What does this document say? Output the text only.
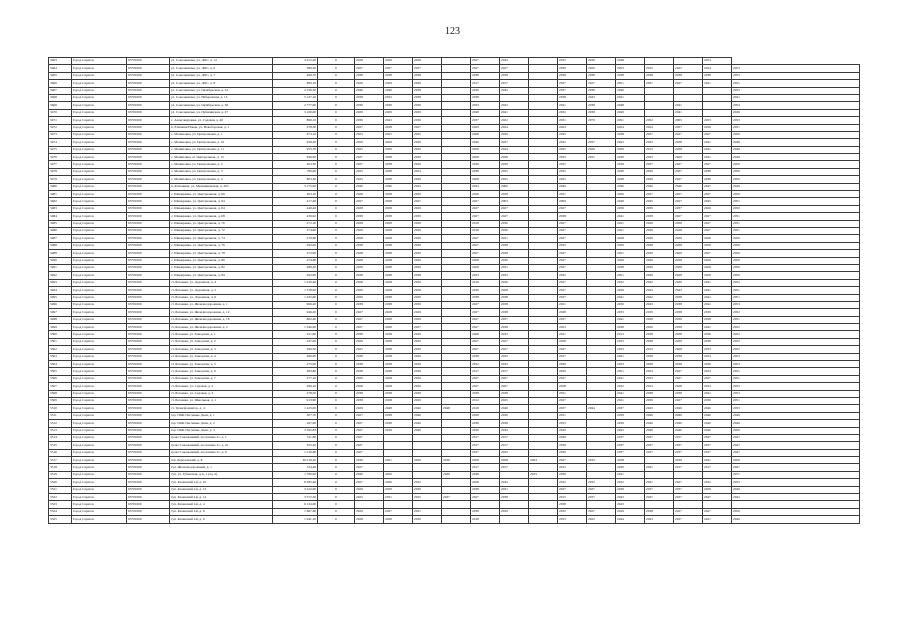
123
3463	Город Саратов	63701000	ул. Сокольничья, ул. ДОС, д. 12	3 472,20	0	2028	2029	2028		2027	2043		2035	2036	2048			2053	
3464	Город Саратов	63701000	ул. Сокольничья, ул. ДОС, д. 6	380,20	0	2027	2027	2027		2027	2027		2039	2020	2053	2025	2025	2024	2053
3465	Город Саратов	63701000	ул. Сокольничья, ул. ДОС, д. 7	496,70	0	2038	2038	2038		2038	2038		2038	2038	2038	2038	2038	2038	2053
3466	Город Саратов	63701000	ул. Сокольничья, ул. ДОС, д. 8	899,10	0	2029	2029	2029		2017	2017		2027	2027	2051	2027	2027	2021	2051
3467	Город Саратов	63701000	ул. Сокольничья, ул. Октябрьская, д. 34	2 356,50	0	2046	2049	2038		2039	2043		2037	2038	2049				2053
3468	Город Саратов	63701000	ул. Сокольничья, ул. Набережная, д. 15	5 127,10	0	2038	2032	2038		2038			2038	2043	2041				2041
3469	Город Саратов	63701000	ул. Сокольничья, ул. Октябрьская, д. 36	2 777,00	0	2036	2030	2036		2033	2043		2041	2038	2048		2041		2054
3470	Город Саратов	63701000	ул. Сокольничья, ул. Пушкинская, д. 27	3 100,00	0	2029	2029	2029		2048	2041		2032	2038	2049		2041		2049
3471	Город Саратов	63701000	с. Александровка, ул. Садовая, д. 40	890,10	0	2036	2043	2036		2037	2022		2031	2079	2051	2052	2005	2033	2053
3472	Город Саратов	63701000	п. Елшанка/Новая, ул. Новоборская, д. 1	278,30	0	2027	2038	2027		2029	2024		2024		2024	2024	2027	2036	2051
3473	Город Саратов	63701000	с. Малиновка, ул. Центральная, д. 1	673,10	0	2025	2025	2025		2028	2039		2045		2038	2027	2027	2027	2050
3474	Город Саратов	63701000	с. Малиновка, ул. Центральная, д. 10	936,20	0	2029	2029	2029		2049	2037		2032	2037	2043	2043	2038	2041	2048
3475	Город Саратов	63701000	с. Малиновка, ул. Центральная, д. 11	955,70	0	2025	2029	2029		2029	2024		2025	2029	2029	2013	2028	2041	2049
3476	Город Саратов	63701000	с. Малиновка, ul. Центральная, д. 13	946,00	0	2027	2028	2029		2028	2028		2033	2031	2039	2043	2029	2041	2049
3477	Город Саратов	63701000	с. Малиновка, ул. Центральная, д. 2	403,30	0	2027	2038	2029		2039	2039		2025		2039	2027	2027	2027	2050
3478	Город Саратов	63701000	с. Малиновка, ул. Центральная, д. 3	790,90	0	2025	2028	2024		2038	2025		2035		2036	2029	2027	2038	2050
3479	Город Саратов	63701000	с. Малиновка, ул. Центральная, д. 4	803,30	0	2025	2028	2029		2028	2025		2025		2038	2029	2027	2038	2050
3480	Город Саратов	63701000	п. Расковица, ул. Мельниковская, д. 205	3 175,00	0	2040	2040	2043		2043	2000		2049		2040	2040	2040	2047	2049
3481	Город Саратов	63701000	с. Шевыревка, ул. Центральная, д. 69	403,10	0	2028	2028	2029		2029	2029		2021		2020	2027	2027	2027	2050
3482	Город Саратов	63701000	с. Шевыревка, ул. Центральная, д. 64	417,49	0	2027	2028	2027		2027	2003		2009		2049	2045	2027	2045	2051
3483	Город Саратов	63701000	с. Шевыревка, ул. Центральная, д. 64	440,40	0	2028	2028	2029		2027	2027		2027		2036	2039	2037	2026	2050
3484	Город Саратов	63701000	с. Шевыревка, ул. Центральная, д. 68	436,92	0	2038	2038	2039		2027	2027		2038		2041	2038	2027	2027	2051
3485	Город Саратов	63701000	с. Шевыревка, ул. Центральная, д. 70	272,10	0	2028	2028	2029		2018	2030		2027		2021	2029	2028	2027	2051
3486	Город Саратов	63701000	с. Шевыревка, ул. Центральная, д. 72	274,60	0	2029	2028	2029		2018	2030		2027		2021	2029	2028	2027	2051
3487	Город Саратов	63701000	с. Шевыревка, ул. Центральная, д. 74	279,60	0	2028	2028	2029		2027	2031		2027		2028	2029	2029	2026	2050
3488	Город Саратов	63701000	с. Шевыревка, ул. Центральная, д. 76	292,00	0	2038	2038	2039		2027	2038		2033		2029	2038	2028	2029	2050
3489	Город Саратов	63701000	с. Шевыревка, ул. Центральная, д. 78	272,90	0	2028	2028	2029		2027	2038		2027		2021	2029	2029	2027	2050
3490	Город Саратов	63701000	с. Шевыревка, ул. Центральная, д. 80	274,60	0	2028	2028	2029		2028	2030		2027		2029	2029	2028	2029	2050
3491	Город Саратов	63701000	с. Шевыревка, ул. Центральная, д. 82	280,20	0	2029	2028	2029		2028	2031		2027		2038	2029	2028	2029	2050
3492	Город Саратов	63701000	с. Шевыревка, ул. Центральная, д. 84	292,00	0	2038	2038	2038		2033	2033		2032		2021	2029	2028	2029	2050
3493	Город Саратов	63701000	ст. Багаевка, ул. Дорожная, д. 4	1 220,40	0	2028	2028	2029		2019	2030		2027		2032	2042	2039	2041	2052
3494	Город Саратов	63701000	ст. Багаевка, ул. Дорожная, д. 5	1 378,00	0	2029	2028	2028		2039	2028		2027		2039	2043	2043	2041	2051
3495	Город Саратов	63701000	ст. Багаевка, ул. Дорожная, д. 6	1 435,00	0	2029	2038	2029		2038	2038		2037		2041	2042	2038	2041	2051
3496	Город Саратов	63701000	ст. Багаевка, ул. Железнодорожная, д. 1	966,20	0	2038	2038	2039		2027	2038		2021		2030	2043	2038	2041	2053
3497	Город Саратов	63701000	ст. Багаевка, ул. Железнодорожная, д. 12	946,20	0	2027	2028	2029		2027	2038		2028		2033	2039	2038	2039	2052
3498	Город Саратов	63701000	ст. Багаевка, ул. Железнодорожная, д. 18	862,40	0	2027	2028	2029		2027	2037		2037		2041	2029	2039	2038	2051
3499	Город Саратов	63701000	ст. Багаевка, ул. Железнодорожная, д. 2	1 340,00	0	2027	2028	2027		2027	2038		2023		2038	2020	2038	2041	2052
3500	Город Саратов	63701000	ст. Багаевка, ул. Заводская, д. 1	251,00	0	2038	2038	2039		2028	2033		2021		2013	2038	2038	2036	2052
3501	Город Саратов	63701000	ст. Багаевка, ул. Заводская, д. 2	247,00	0	2029	2028	2029		2027	2027		2028		2033	2038	2029	2038	2052
3502	Город Саратов	63701000	ст. Багаевка, ул. Заводская, д. 3	290,50	0	2025	2028	2029		2027	2027		2027		2033	2013	2028	2033	2052
3503	Город Саратов	63701000	ст. Багаевка, ул. Заводская, д. 4	286,90	0	2038	2028	2029		2038	2032		2037		2041	2038	2038	2034	2053
3504	Город Саратов	63701000	ст. Багаевка, ул. Заводская, д. 5	275,00	0	2038	2038	2039		2032	2033		2039		2033	2038	2038	2036	2053
3505	Город Саратов	63701000	ст. Багаевка, ул. Заводская, д. 6	283,80	0	2038	2038	2039		2017	2017		2029		2021	2024	2027	2034	2051
3506	Город Саратов	63701000	ст. Багаевка, ул. Заводская, д. 7	277,10	0	2029	2028	2029		2027	2027		2027		2041	2033	2027	2027	2051
3507	Город Саратов	63701000	ст. Багаевка, ул. Садовая, д. 2	286,10	0	2028	2028	2029		2027	2027		2028		2032	2023	2028	2033	2053
3508	Город Саратов	63701000	ст. Багаевка, ул. Садовая, д. 3	278,50	0	2038	2038	2039		2038	2038		2031		2041	2038	2038	2041	2053
3509	Город Саратов	63701000	ст. Багаевка, ул. Школьная, д. 1	913,90	0	2038	2028	2029		2012	2025		2027		2021	2036	2027	2036	2051
3510	Город Саратов	63701000	ст. Трансформатор, д. 4	1 425,00	0	2029	2048	2040	2048	2018	2046		2037	2044	2037	2043	2040	2040	2053
3511	Город Саратов	63701000	тер. ПОК Песчаные Дали, д. 1	307,70	0	2027	2038	2040		2028	2030		2031		2039	2040	2040	2040	2049
3512	Город Саратов	63701000	тер. ПОК Песчаные Дали, д. 2	297,00	0	2027	2038	2040		2038	2038		2033		2039	2040	2040	2040	2049
3513	Город Саратов	63701000	тер. ПОК Песчаные Дали, д. 3	3 395,83	0	2027	2039	2040		2039	2034		2039		2043	2040	2040	2040	2050
3514	Город Саратов	63701000	тракт Сокольничий, поселение 21, д. 1	311,60	0	2027				2017	2017		2049		2037	2037	2017	2047	2047
3515	Город Саратов	63701000	тракт Сокольничий, поселение 21, д. 2а	355,20	0	2027				2017	2017		2036		2037	2037	2037	2037	2047
3516	Город Саратов	63701000	тракт Сокольничий, поселение 21, д. 6	1 516,60	0	2027				2037	2032		2039		2037	2037	2037	2037	2047
3517	Город Саратов	63701000	тер. Березовский, д. 8	30 210,20	0	2030	2021	2026	2036	2058	2028	2024	2027	2032	2028		2039	2041	2050
3518	Город Саратов	63701000	туп. Железнодорожный, д. 1	334,40	0	2027				2017	2017		2015		2039	2047	2017	2017	2047
3519	Город Саратов	63701000	туп. ул. Губенская, д.А, 1 (лд. 2)	1 760,00	0	2040	2050		2039	2038		2033	2036		2041				2071
3520	Город Саратов	63701000	туп. Казанский I-й, д. 10	8 385,40	0	2027	2020	2032		2028	2034		2032	2032	2032	2047	2027	2032	2053
3521	Город Саратов	63701000	туп. Казанский I-й, д. 13	3 222,00	0	2029	2029	2030		2038	2031		2037	2027	2039	2037	2037	2029	2049
3522	Город Саратов	63701000	туп. Казанский I-й, д. 14	3 572,30	0	2025	2031	2025	2037	2027	2038		2015	2037	2043	2047	2037	2047	2042
3523	Город Саратов	63701000	туп. Казанский I-й, д. 4	6 134,00	0								2038		2043				
3524	Город Саратов	63701000	туп. Казанский I-й, д. 8	1 667,60	0	2029	2027	2031		2038	2039		2032	2027	2029	2038	2027	2027	2050
3525	Город Саратов	63701000	туп. Казанский I-й, д. 9	1 941,10	0	2028	2028	2030		2018			2033	2022	2044	2043	2027	2021	2049
